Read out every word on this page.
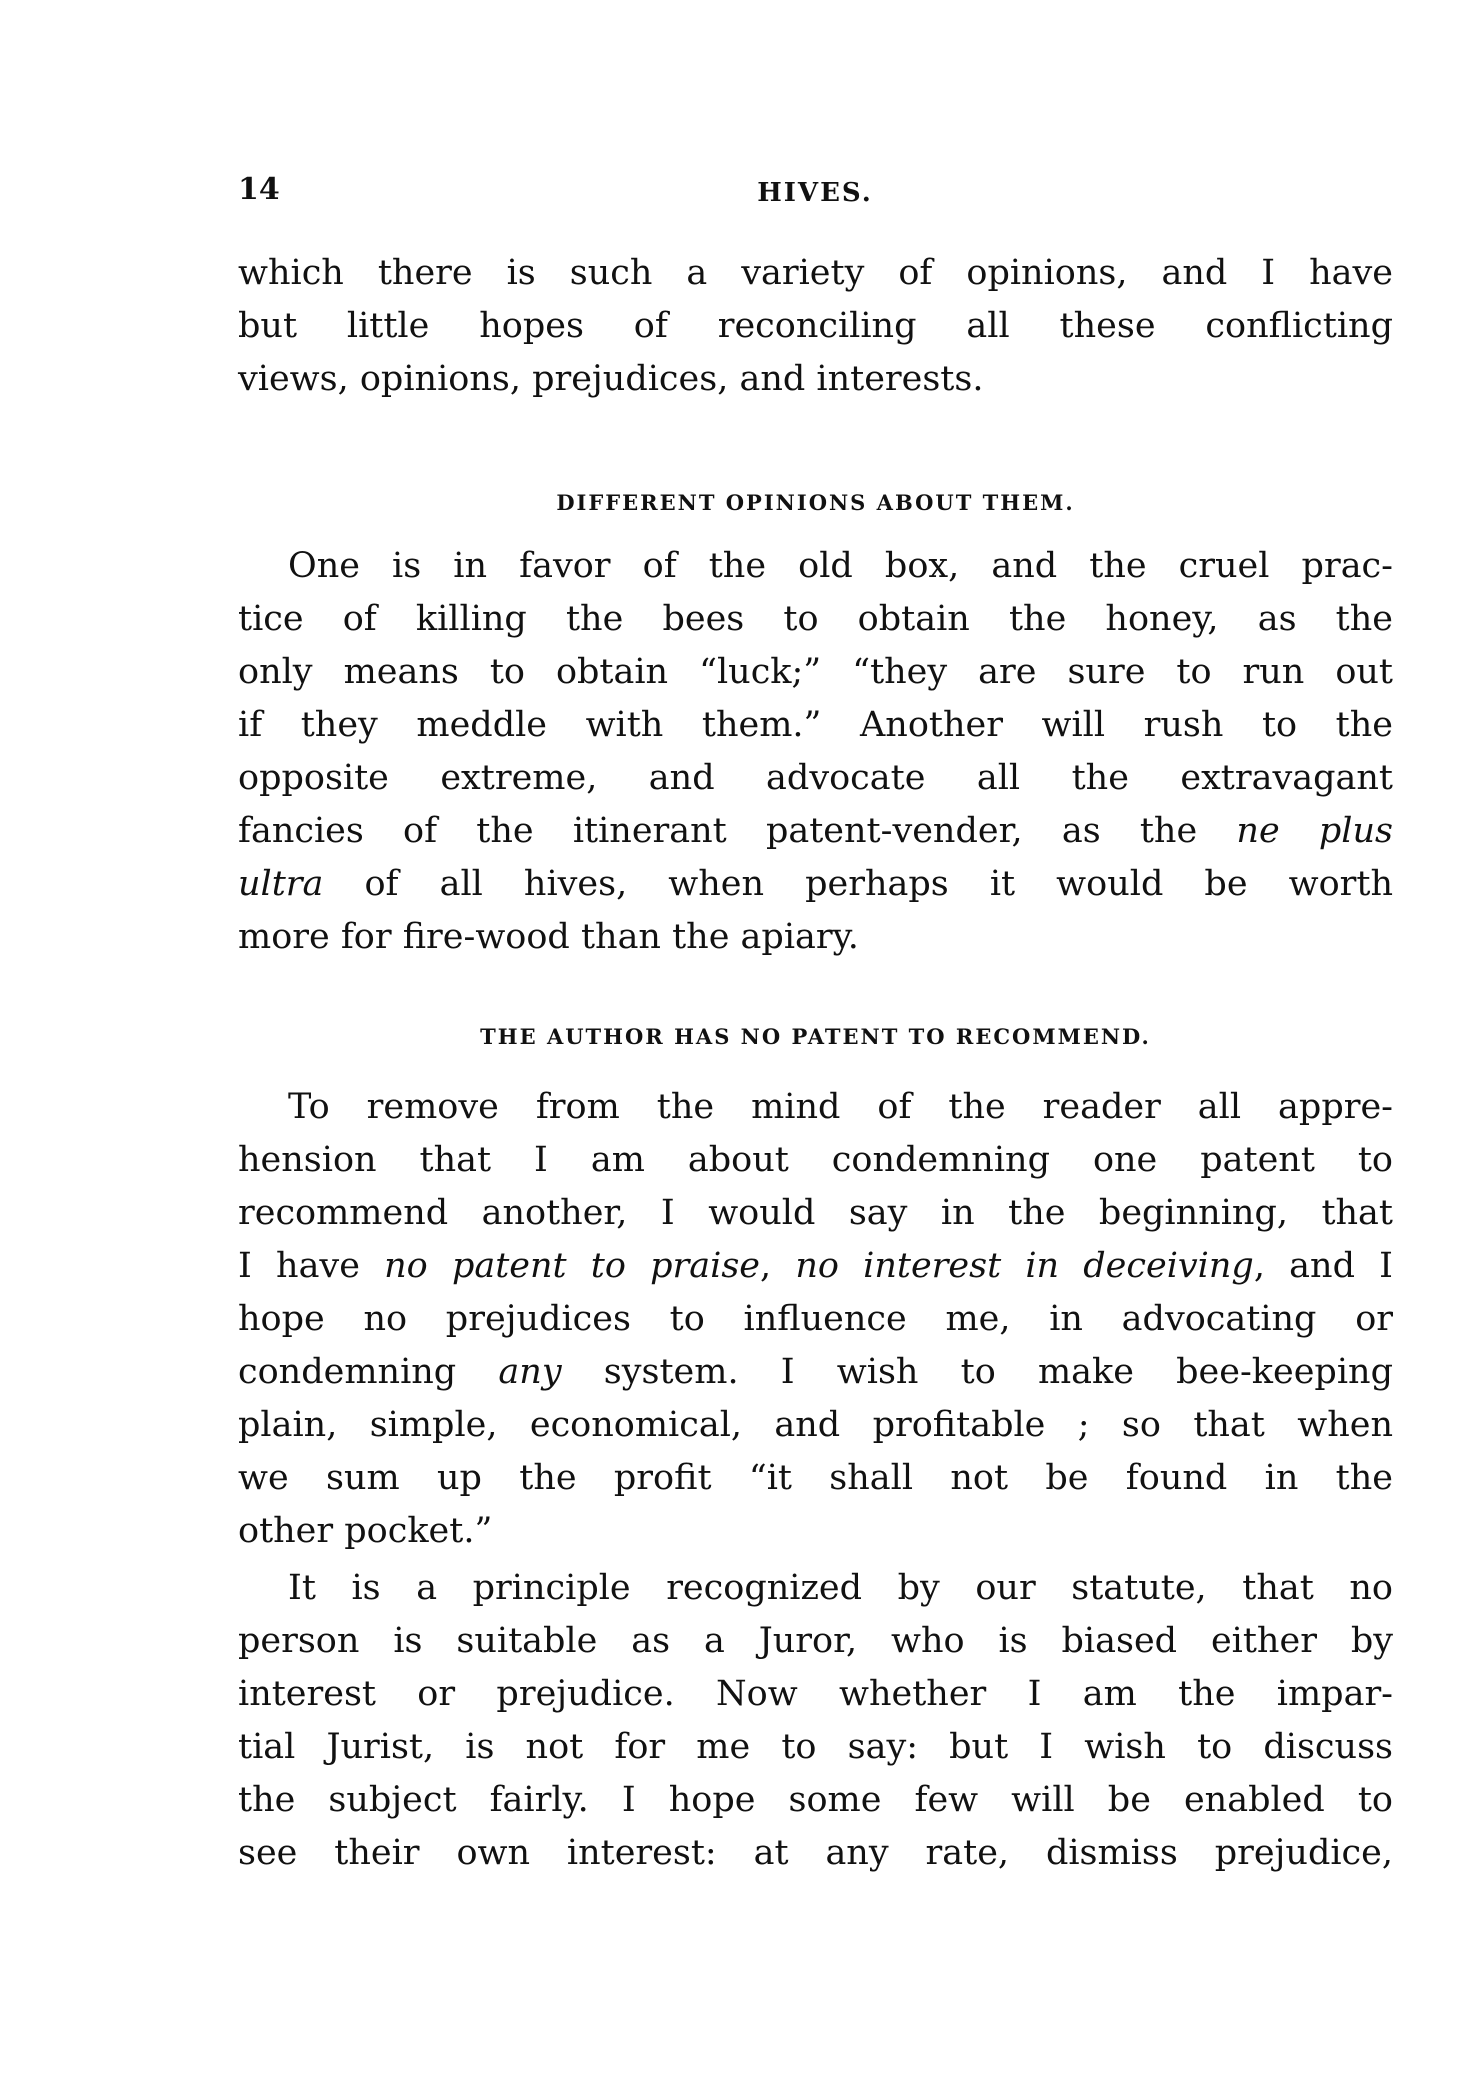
14	HIVES.
which there is such a variety of opinions, and I have
but little hopes of reconciling all these conflicting
views, opinions, prejudices, and interests.
DIFFERENT OPINIONS ABOUT THEM.
One is in favor of the old box, and the cruel prac-
tice of killing the bees to obtain the honey, as the
only means to obtain “luck;” “they are sure to run out
if they meddle with them.” Another will rush to the
opposite extreme, and advocate all the extravagant
fancies of the itinerant patent-vender, as the ne plus
ultra of all hives, when perhaps it would be worth
more for fire-wood than the apiary.
THE AUTHOR HAS NO PATENT TO RECOMMEND.
To remove from the mind of the reader all appre-
hension that I am about condemning one patent to
recommend another, I would say in the beginning, that
I have no patent to praise, no interest in deceiving, and I
hope no prejudices to influence me, in advocating or
condemning any system. I wish to make bee-keeping
plain, simple, economical, and profitable ; so that when
we sum up the profit “it shall not be found in the
other pocket.”
It is a principle recognized by our statute, that no
person is suitable as a Juror, who is biased either by
interest or prejudice. Now whether I am the impar-
tial Jurist, is not for me to say: but I wish to discuss
the subject fairly. I hope some few will be enabled to
see their own interest: at any rate, dismiss prejudice,
